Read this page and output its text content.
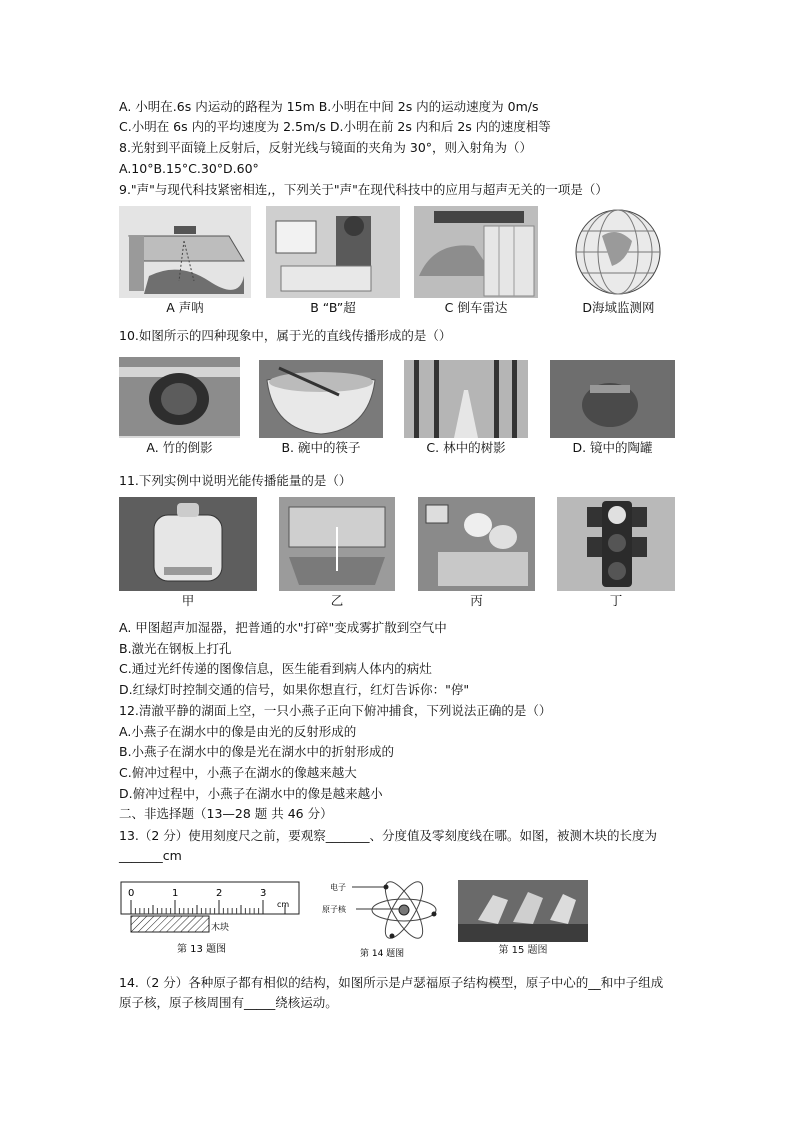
A. 小明在.6s 内运动的路程为 15m B.小明在中间 2s 内的运动速度为 0m/s
C.小明在 6s 内的平均速度为 2.5m/s D.小明在前 2s 内和后 2s 内的速度相等
8.光射到平面镜上反射后，反射光线与镜面的夹角为 30°，则入射角为（）
A.10°B.15°C.30°D.60°
9."声"与现代科技紧密相连,，下列关于"声"在现代科技中的应用与超声无关的一项是（）
A 声呐	B “B”超	C 倒车雷达	D海域监测网
10.如图所示的四种现象中，属于光的直线传播形成的是（）
A. 竹的倒影	B. 碗中的筷子	C. 林中的树影	D. 镜中的陶罐
11.下列实例中说明光能传播能量的是（）
甲	乙	丙	丁
A. 甲图超声加湿器，把普通的水"打碎"变成雾扩散到空气中
B.激光在钢板上打孔
C.通过光纤传递的图像信息，医生能看到病人体内的病灶
D.红绿灯时控制交通的信号，如果你想直行，红灯告诉你："停"
12.清澈平静的湖面上空，一只小燕子正向下俯冲捕食，下列说法正确的是（）
A.小燕子在湖水中的像是由光的反射形成的
B.小燕子在湖水中的像是光在湖水中的折射形成的
C.俯冲过程中，小燕子在湖水的像越来越大
D.俯冲过程中，小燕子在湖水中的像是越来越小
二、非选择题（13—28 题 共 46 分）
13.（2 分）使用刻度尺之前，要观察_______、分度值及零刻度线在哪。如图，被测木块的长度为_______cm
0	1	2	3
cm
木块
第 13 题图
电子
原子核
第 14 题图	第 15 题图
14.（2 分）各种原子都有相似的结构，如图所示是卢瑟福原子结构模型，原子中心的__和中子组成原子核，原子核周围有_____绕核运动。
